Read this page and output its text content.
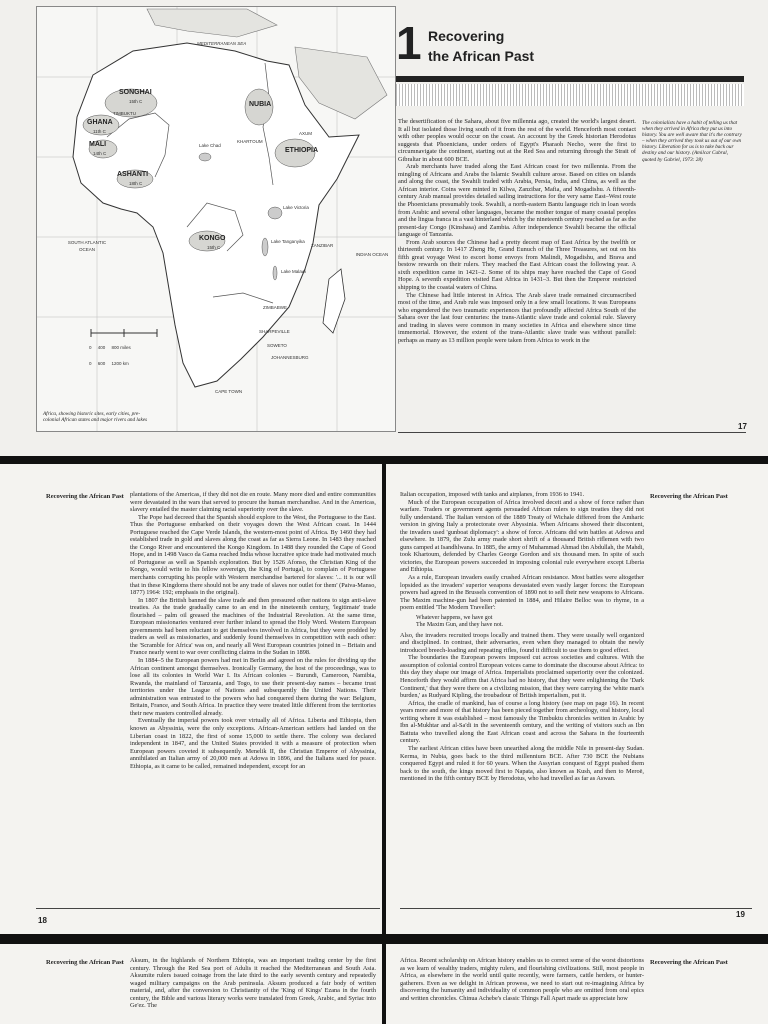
MEDITERRANEAN SEA
SONGHAI
15th C
TIMBUKTU
GHANA
11th C
MALI
14th C
ASHANTI
18th C
NUBIA
KHARTOUM
AXUM
ETHIOPIA
Lake Chad
Lake Victoria
KONGO
15th C
Lake Tanganyika
ZANZIBAR
Lake Malawi
ZIMBABWE
SHARPEVILLE
SOWETO
JOHANNESBURG
CAPE TOWN
SOUTH ATLANTIC OCEAN
INDIAN OCEAN
0     400     800 miles
0     600     1200 km
Africa, showing historic sites, early cities, pre-colonial African states and major rivers and lakes
1 Recovering
the African Past

The desertification of the Sahara, about five millennia ago, created the world's largest desert. It all but isolated those living south of it from the rest of the world. Henceforth most contact with other peoples would occur on the coast. An account by the Greek historian Herodotus suggests that Phoenicians, under orders of Egypt's Pharaoh Necho, were the first to circumnavigate the continent, starting out at the Red Sea and returning through the Strait of Gibraltar in about 600 BCE.

Arab merchants have traded along the East African coast for two millennia. From the mingling of Africans and Arabs the Islamic Swahili culture arose. Based on cities on islands and along the coast, the Swahili traded with Arabia, Persia, India, and China, as well as the African interior. Coins were minted in Kilwa, Zanzibar, Mafia, and Mogadishu. A fifteenth-century Arab manual provides detailed sailing instructions for the very same East–West route the Phoenicians presumably took. Swahili, a north-eastern Bantu language rich in loan words from Arabic and several other languages, became the mother tongue of many coastal peoples and the lingua franca in a vast hinterland which by the nineteenth century reached as far as the present-day Congo (Kinshasa) and Zambia. After independence Swahili became the official language of Tanzania.

From Arab sources the Chinese had a pretty decent map of East Africa by the twelfth or thirteenth century. In 1417 Zheng He, Grand Eunuch of the Three Treasures, set out on his fifth great voyage West to escort home envoys from Malindi, Mogadishu, and Brava and bestow rewards on their rulers. They reached the East African coast the following year. A sixth expedition came in 1421–2. Some of its ships may have reached the Cape of Good Hope. A seventh expedition visited East Africa in 1431–3. But then the Emperor restricted shipping to the coastal waters of China.

The Chinese had little interest in Africa. The Arab slave trade remained circumscribed most of the time, and Arab rule was imposed only in a few small locations. It was Europeans who engendered the two traumatic experiences that profoundly affected Africa South of the Sahara over the last four centuries: the trans-Atlantic slave trade and colonial rule. Slavery and trading in slaves were common in many societies in Africa and elsewhere since time immemorial. However, the extent of the trans-Atlantic slave trade was without parallel: perhaps as many as 13 million people were taken from Africa to work in the

The colonialists have a habit of telling us that when they arrived in Africa they put us into history. You are well aware that it's the contrary – when they arrived they took us out of our own history. Liberation for us is to take back our destiny and our history. (Amilcar Cabral, quoted by Gabriel, 1973: 28)
17
Recovering the African Past plantations of the Americas, if they did not die en route. Many more died and entire communities were devastated in the wars that served to procure the human merchandise. And in the Americas, slavery entailed the master claiming racial superiority over the slave.

The Pope had decreed that the Spanish should explore to the West, the Portuguese to the East. Thus the Portuguese embarked on their voyages down the West African coast. In 1444 Portuguese reached the Cape Verde Islands, the western-most point of Africa. By 1460 they had established trade in gold and slaves along the coast as far as Sierra Leone. In 1483 they reached the Congo River and encountered the Kongo Kingdom. In 1488 they rounded the Cape of Good Hope, and in 1498 Vasco da Gama reached India whose lucrative spice trade had motivated much of Portuguese as well as Spanish exploration. But by 1526 Afonso, the Christian King of the Kongo, would write to his fellow sovereign, the King of Portugal, to complain of Portuguese merchants corrupting his people with Western merchandise bartered for slaves: '... it is our will that in these Kingdoms there should not be any trade of slaves nor outlet for them' (Paiva-Manso, 1877) 1964: 192; emphasis in the original).

In 1807 the British banned the slave trade and then pressured other nations to sign anti-slave treaties. As the trade gradually came to an end in the nineteenth century, 'legitimate' trade flourished – palm oil greased the machines of the Industrial Revolution. At the same time, European missionaries ventured ever further inland to spread the Holy Word. Western European governments had been reluctant to get themselves involved in Africa, but they were prodded by traders as well as missionaries, and suddenly found themselves in competition with each other: the 'Scramble for Africa' was on, and nearly all West European countries joined in – Britain and France nearly went to war over conflicting claims in the Sudan in 1898.

In 1884–5 the European powers had met in Berlin and agreed on the rules for dividing up the African continent amongst themselves. Ironically Germany, the host of the proceedings, was to lose all its colonies in World War I. Its African colonies – Burundi, Cameroon, Namibia, Rwanda, the mainland of Tanzania, and Togo, to use their present-day names – became trust territories under the League of Nations and subsequently the United Nations. Their administration was entrusted to the powers who had conquered them during the war: Belgium, Britain, France, and South Africa. In practice they were treated little different from the territories their new masters controlled already.

Eventually the imperial powers took over virtually all of Africa. Liberia and Ethiopia, then known as Abyssinia, were the only exceptions. African-American settlers had landed on the Liberian coast in 1822, the first of some 15,000 to settle there. The colony was declared independent in 1847, and the United States provided it with a measure of protection when European powers coveted it subsequently. Menelik II, the Christian Emperor of Abyssinia, annihilated an Italian army of 20,000 men at Adowa in 1896, and the Italians sued for peace. Ethiopia, as it came to be called, remained independent, except for an

18

Italian occupation, imposed with tanks and airplanes, from 1936 to 1941.

Much of the European occupation of Africa involved deceit and a show of force rather than warfare. Traders or government agents persuaded African rulers to sign treaties they did not fully understand. The Italian version of the 1889 Treaty of Wichale differed from the Amharic version in giving Italy a protectorate over Abyssinia. When Africans showed their discontent, the invaders used 'gunboat diplomacy': a show of force. Africans did win battles at Adowa and elsewhere. In 1879, the Zulu army made short shrift of a thousand British riflemen with two guns camped at Isandhlwana. In 1885, the army of Muhammad Ahmad ibn Abdullah, the Mahdi, took Khartoum, defended by Charles George Gordon and six thousand men. In spite of such victories, the European powers succeeded in imposing colonial rule everywhere except Liberia and Ethiopia.

As a rule, European invaders easily crushed African resistance. Most battles were altogether lopsided as the invaders' superior weapons devastated even vastly larger forces: the European powers had agreed in the Brussels convention of 1890 not to sell their new weapons to Africans. The Maxim machine-gun had been patented in 1884, and Hilaire Belloc was to rhyme, in a poem entitled 'The Modern Traveller':

Whatever happens, we have got
The Maxim Gun, and they have not.

Also, the invaders recruited troops locally and trained them. They were usually well organized and disciplined. In contrast, their adversaries, even when they managed to obtain the newly introduced breech-loading and repeating rifles, found it difficult to use them to good effect.

The boundaries the European powers imposed cut across societies and cultures. With the assumption of colonial control European voices came to dominate the discourse about Africa: to this day they shape our image of Africa. Imperialists proclaimed superiority over the colonized. Henceforth they would affirm that Africa had no history, that they were enlightening the 'Dark Continent,' that they were there on a civilizing mission, that they were carrying the 'white man's burden,' as Rudyard Kipling, the troubadour of British imperialism, put it.

Africa, the cradle of mankind, has of course a long history (see map on page 16). In recent years more and more of that history has been pieced together from archeology, oral history, local writing where it was established – most famously the Timbuktu chronicles written in Arabic by Ibn al-Mukhtar and al-Sa'di in the seventeenth century, and the writing of visitors such as Ibn Battuta who travelled along the East African coast and across the Sahara in the fourteenth century.

The earliest African cities have been unearthed along the middle Nile in present-day Sudan. Kerma, in Nubia, goes back to the third millennium BCE. After 730 BCE the Nubians conquered Egypt and ruled it for 60 years. When the Assyrian conquest of Egypt pushed them back to the south, the kings moved first to Napata, also known as Kush, and then to Meroë, mentioned in the fifth century BCE by Herodotus, who had travelled as far as Aswan.

Recovering the African Past
19
Recovering the African Past Aksum, in the highlands of Northern Ethiopia, was an important trading center by the first century. Through the Red Sea port of Adulis it reached the Mediterranean and South Asia. Aksumite rulers issued coinage from the late third to the early seventh century and repeatedly waged military campaigns on the Arab peninsula. Aksum produced a fair body of written material, and, after the conversion to Christianity of the 'King of Kings' Ezana in the fourth century, the Bible and various literary works were translated from Greek, Arabic, and Syriac into Ge'ez. The

Africa. Recent scholarship on African history enables us to correct some of the worst distortions as we learn of wealthy traders, mighty rulers, and flourishing civilizations. Still, most people in Africa, as elsewhere in the world until quite recently, were farmers, cattle herders, or hunter-gatherers. Even as we delight in African prowess, we need to start out re-imagining Africa by discovering the humanity and individuality of common people who are omitted from oral epics and written chronicles. Chinua Achebe's classic Things Fall Apart made us appreciate how

Recovering the African Past
